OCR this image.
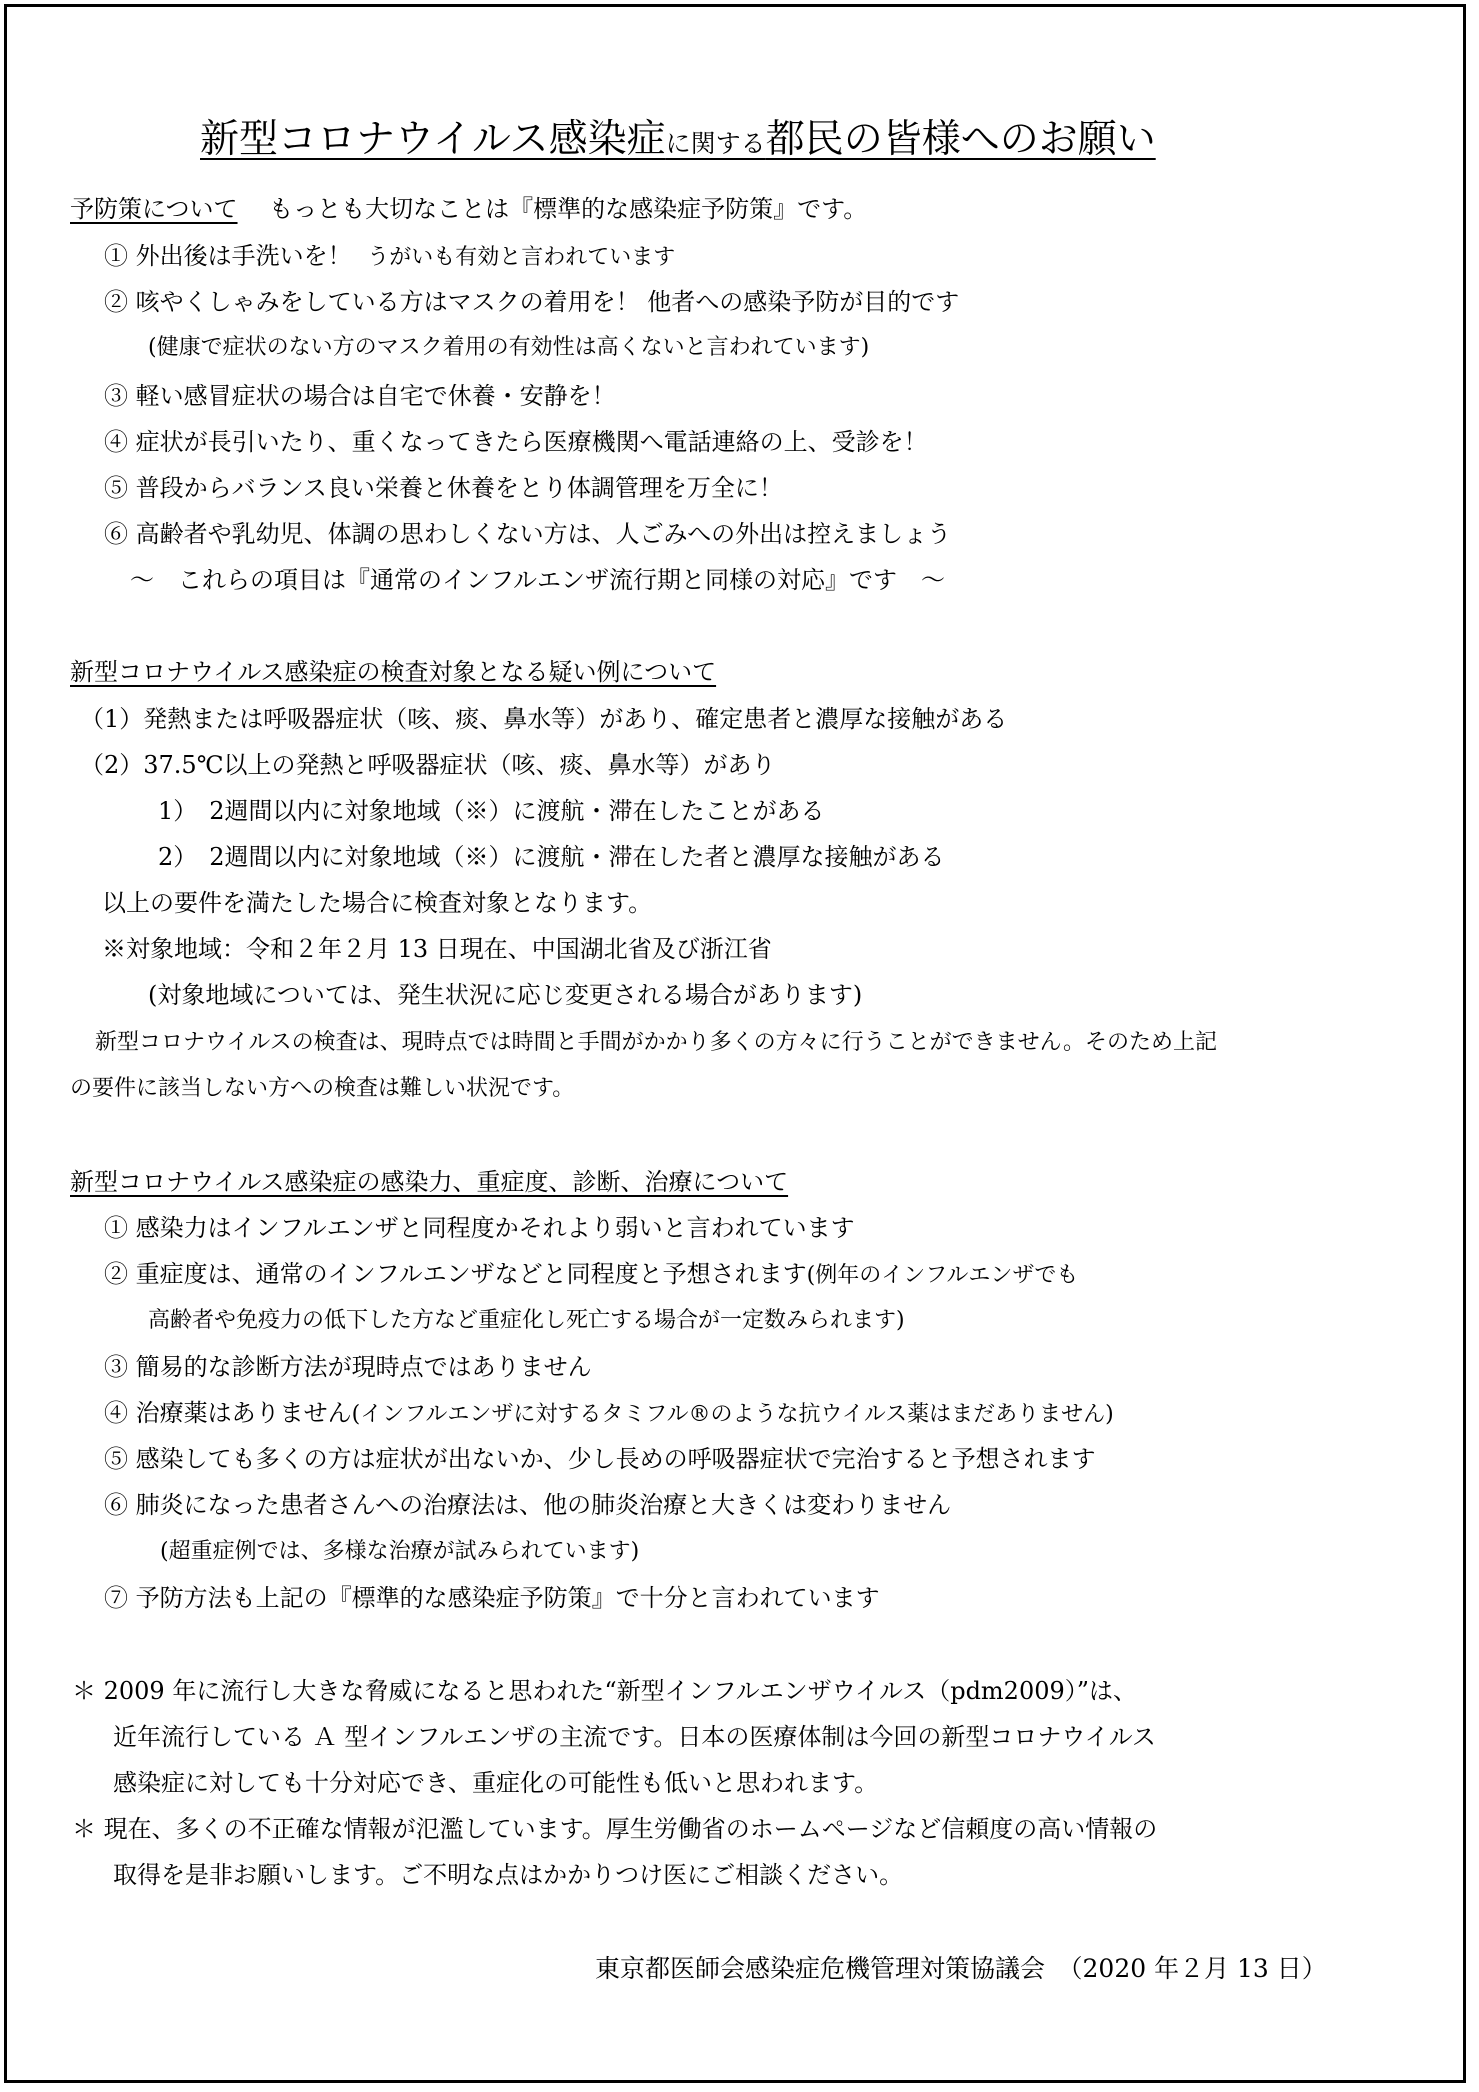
新型コロナウイルス感染症に関する都民の皆様へのお願い
予防策について もっとも大切なことは『標準的な感染症予防策』です。
① 外出後は手洗いを！ うがいも有効と言われています
② 咳やくしゃみをしている方はマスクの着用を！ 他者への感染予防が目的です
(健康で症状のない方のマスク着用の有効性は高くないと言われています)
③ 軽い感冒症状の場合は自宅で休養・安静を！
④ 症状が長引いたり、重くなってきたら医療機関へ電話連絡の上、受診を！
⑤ 普段からバランス良い栄養と休養をとり体調管理を万全に！
⑥ 高齢者や乳幼児、体調の思わしくない方は、人ごみへの外出は控えましょう
～　これらの項目は『通常のインフルエンザ流行期と同様の対応』です　～
新型コロナウイルス感染症の検査対象となる疑い例について
（1）発熱または呼吸器症状（咳、痰、鼻水等）があり、確定患者と濃厚な接触がある
（2）37.5℃以上の発熱と呼吸器症状（咳、痰、鼻水等）があり
1）　2週間以内に対象地域（※）に渡航・滞在したことがある
2）　2週間以内に対象地域（※）に渡航・滞在した者と濃厚な接触がある
以上の要件を満たした場合に検査対象となります。
※対象地域：令和２年２月 13 日現在、中国湖北省及び浙江省
(対象地域については、発生状況に応じ変更される場合があります)
新型コロナウイルスの検査は、現時点では時間と手間がかかり多くの方々に行うことができません。そのため上記
の要件に該当しない方への検査は難しい状況です。
新型コロナウイルス感染症の感染力、重症度、診断、治療について
① 感染力はインフルエンザと同程度かそれより弱いと言われています
② 重症度は、通常のインフルエンザなどと同程度と予想されます(例年のインフルエンザでも
高齢者や免疫力の低下した方など重症化し死亡する場合が一定数みられます)
③ 簡易的な診断方法が現時点ではありません
④ 治療薬はありません(インフルエンザに対するタミフル®のような抗ウイルス薬はまだありません)
⑤ 感染しても多くの方は症状が出ないか、少し長めの呼吸器症状で完治すると予想されます
⑥ 肺炎になった患者さんへの治療法は、他の肺炎治療と大きくは変わりません
(超重症例では、多様な治療が試みられています)
⑦ 予防方法も上記の『標準的な感染症予防策』で十分と言われています
＊ 2009 年に流行し大きな脅威になると思われた“新型インフルエンザウイルス（pdm2009）”は、
近年流行している Ａ 型インフルエンザの主流です。日本の医療体制は今回の新型コロナウイルス
感染症に対しても十分対応でき、重症化の可能性も低いと思われます。
＊ 現在、多くの不正確な情報が氾濫しています。厚生労働省のホームページなど信頼度の高い情報の
取得を是非お願いします。ご不明な点はかかりつけ医にご相談ください。
東京都医師会感染症危機管理対策協議会　（2020 年２月 13 日）
